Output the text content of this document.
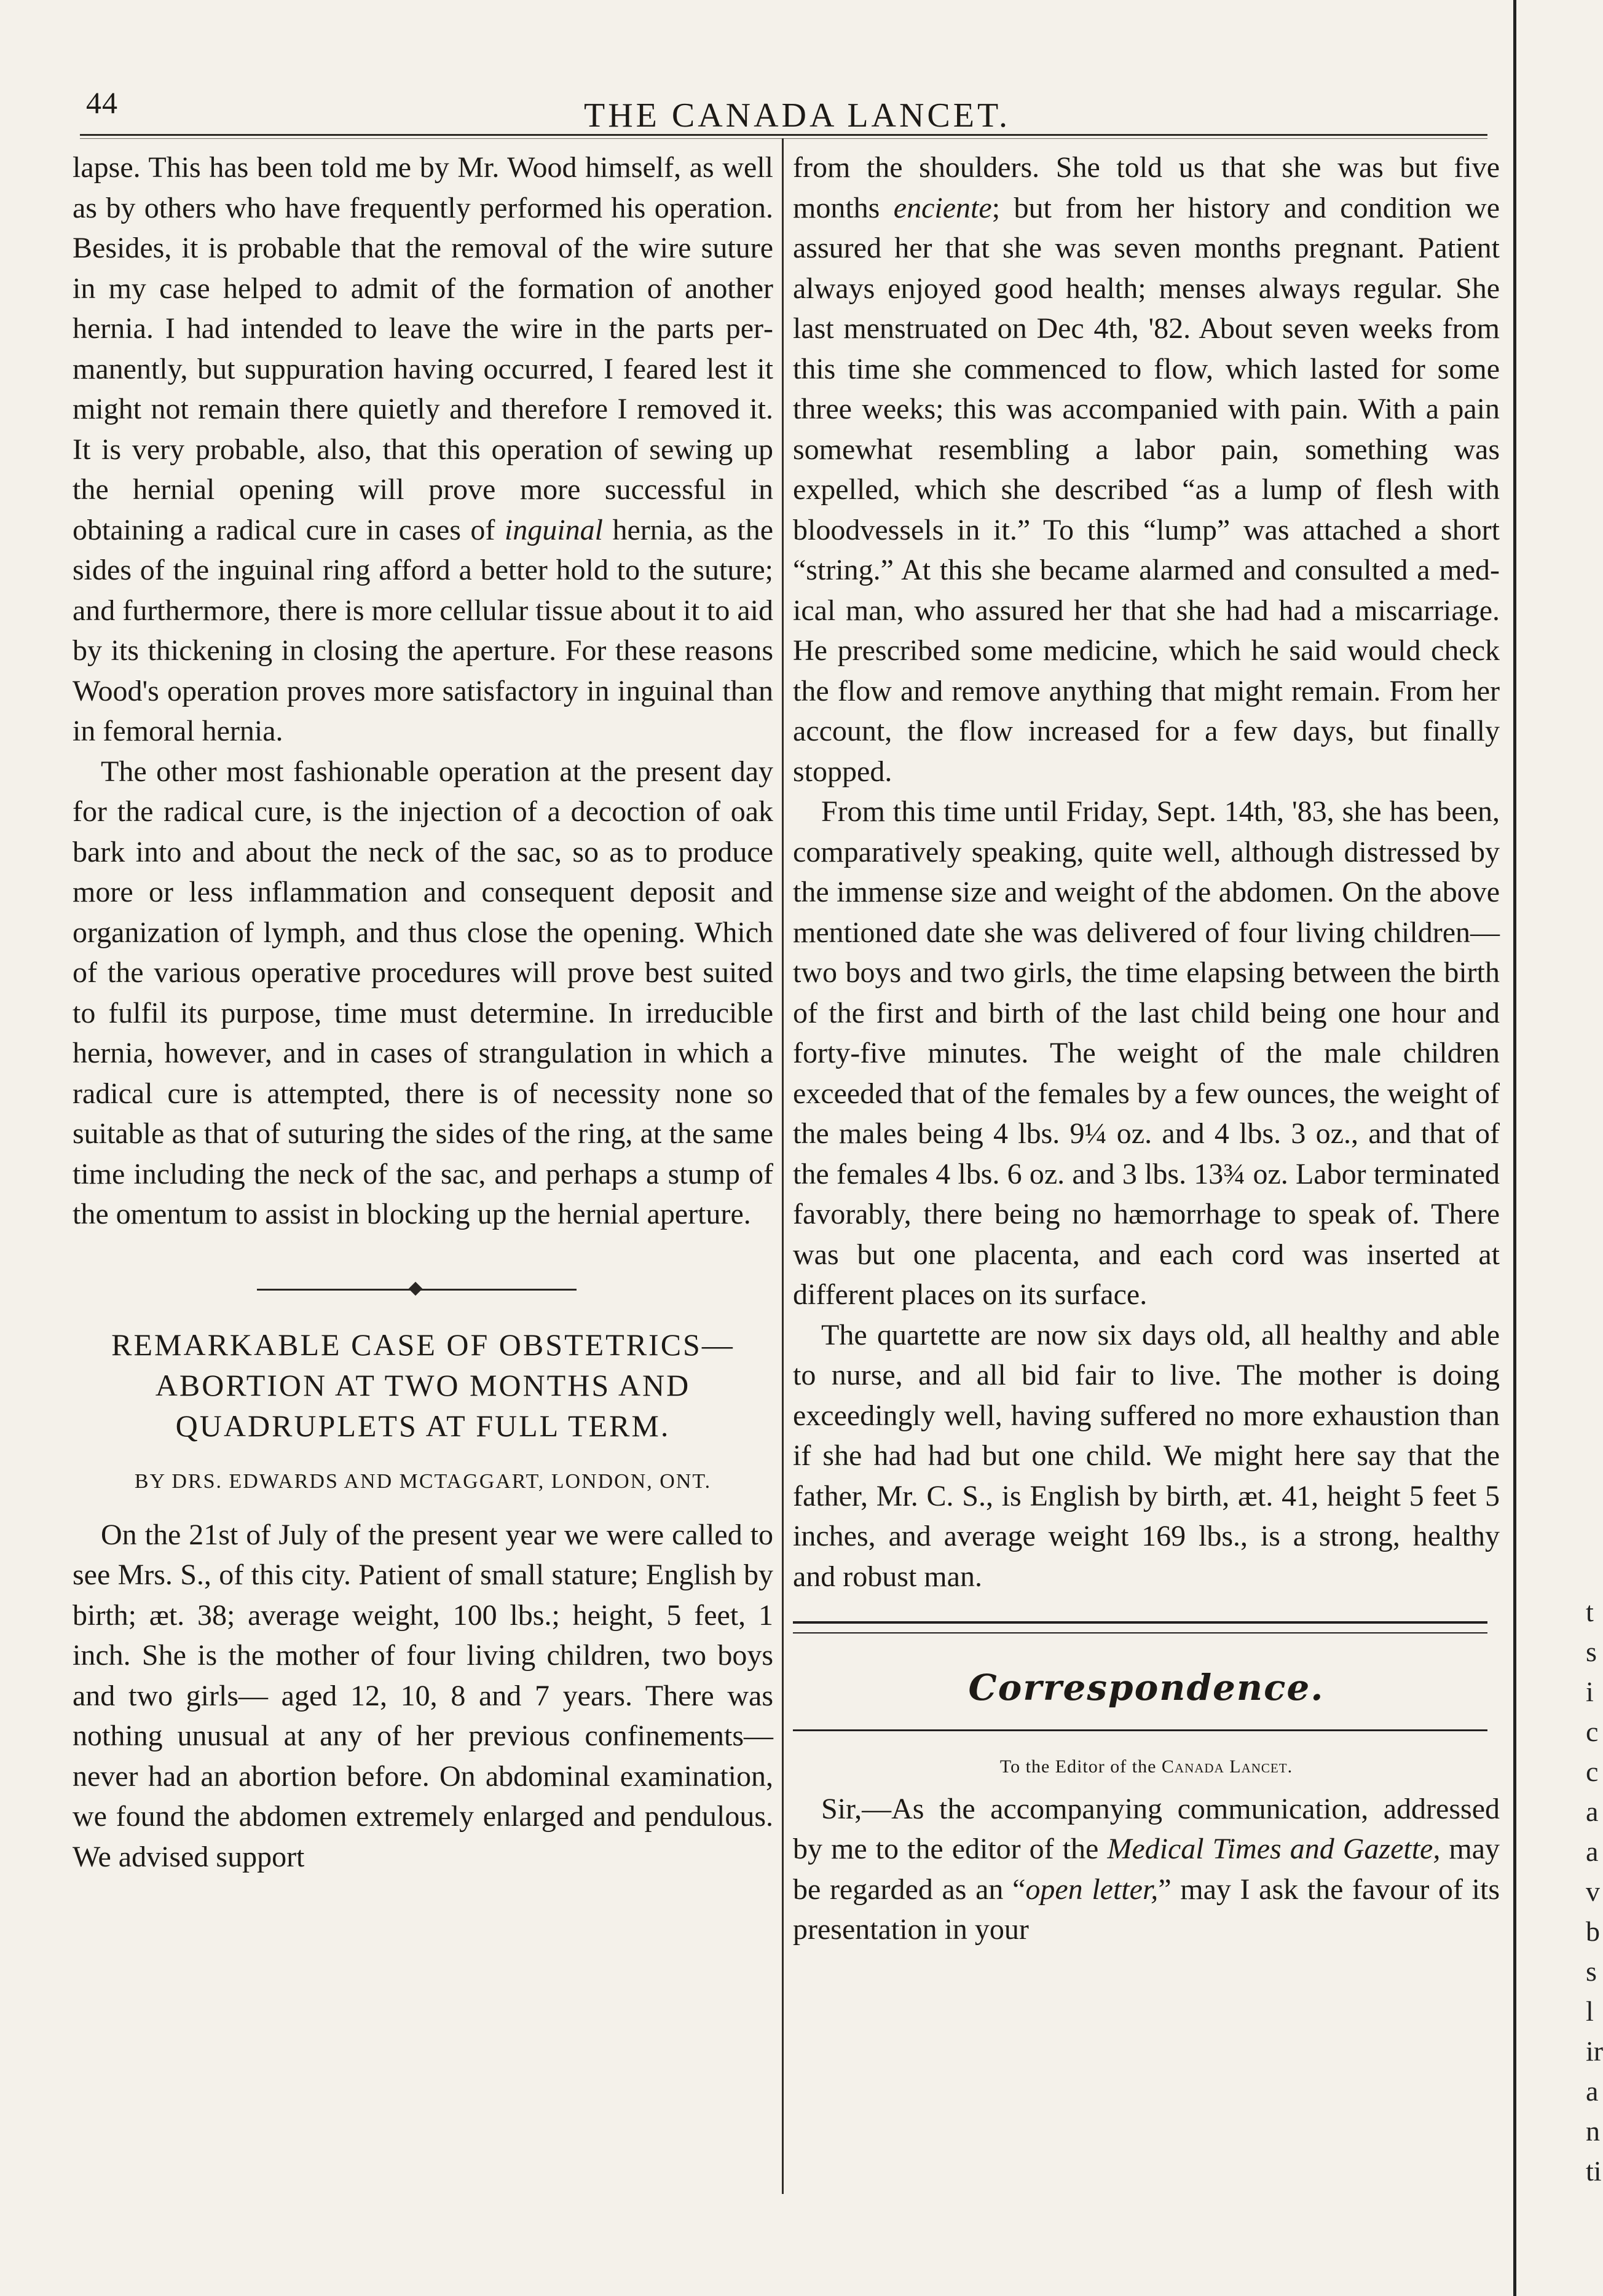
44	THE CANADA LANCET.

lapse. This has been told me by Mr. Wood himself, as well as by others who have frequently performed his operation. Besides, it is probable that the removal of the wire suture in my case helped to admit of the formation of another hernia. I had intended to leave the wire in the parts permanently, but suppuration having occurred, I feared lest it might not remain there quietly and therefore I removed it. It is very probable, also, that this operation of sewing up the hernial opening will prove more successful in obtaining a radical cure in cases of inguinal hernia, as the sides of the inguinal ring afford a better hold to the suture; and furthermore, there is more cellular tissue about it to aid by its thickening in closing the aperture. For these reasons Wood's operation proves more satisfactory in inguinal than in femoral hernia.

The other most fashionable operation at the present day for the radical cure, is the injection of a decoction of oak bark into and about the neck of the sac, so as to produce more or less inflammation and consequent deposit and organization of lymph, and thus close the opening. Which of the various operative procedures will prove best suited to fulfil its purpose, time must determine. In irreducible hernia, however, and in cases of strangulation in which a radical cure is attempted, there is of necessity none so suitable as that of suturing the sides of the ring, at the same time including the neck of the sac, and perhaps a stump of the omentum to assist in blocking up the hernial aperture.

REMARKABLE CASE OF OBSTETRICS— ABORTION AT TWO MONTHS AND QUADRUPLETS AT FULL TERM.

BY DRS. EDWARDS AND MCTAGGART, LONDON, ONT.

On the 21st of July of the present year we were called to see Mrs. S., of this city. Patient of small stature; English by birth; æt. 38; average weight, 100 lbs.; height, 5 feet, 1 inch. She is the mother of four living children, two boys and two girls— aged 12, 10, 8 and 7 years. There was nothing unusual at any of her previous confinements— never had an abortion before. On abdominal examination, we found the abdomen extremely enlarged and pendulous. We advised support

from the shoulders. She told us that she was but five months enciente; but from her history and condition we assured her that she was seven months pregnant. Patient always enjoyed good health; menses always regular. She last menstruated on Dec 4th, '82. About seven weeks from this time she commenced to flow, which lasted for some three weeks; this was accompanied with pain. With a pain somewhat resembling a labor pain, something was expelled, which she described “as a lump of flesh with bloodvessels in it.” To this “lump” was attached a short “string.” At this she became alarmed and consulted a medical man, who assured her that she had had a miscarriage. He prescribed some medicine, which he said would check the flow and remove anything that might remain. From her account, the flow increased for a few days, but finally stopped.

From this time until Friday, Sept. 14th, '83, she has been, comparatively speaking, quite well, although distressed by the immense size and weight of the abdomen. On the above mentioned date she was delivered of four living children—two boys and two girls, the time elapsing between the birth of the first and birth of the last child being one hour and forty-five minutes. The weight of the male children exceeded that of the females by a few ounces, the weight of the males being 4 lbs. 9¼ oz. and 4 lbs. 3 oz., and that of the females 4 lbs. 6 oz. and 3 lbs. 13¾ oz. Labor terminated favorably, there being no hæmorrhage to speak of. There was but one placenta, and each cord was inserted at different places on its surface.

The quartette are now six days old, all healthy and able to nurse, and all bid fair to live. The mother is doing exceedingly well, having suffered no more exhaustion than if she had had but one child. We might here say that the father, Mr. C. S., is English by birth, æt. 41, height 5 feet 5 inches, and average weight 169 lbs., is a strong, healthy and robust man.

Correspondence.

To the Editor of the Canada Lancet.

Sir,—As the accompanying communication, addressed by me to the editor of the Medical Times and Gazette, may be regarded as an “open letter,” may I ask the favour of its presentation in your

t
s
i
c
c
a
a
v
b
s
l
ir
a
n
ti
